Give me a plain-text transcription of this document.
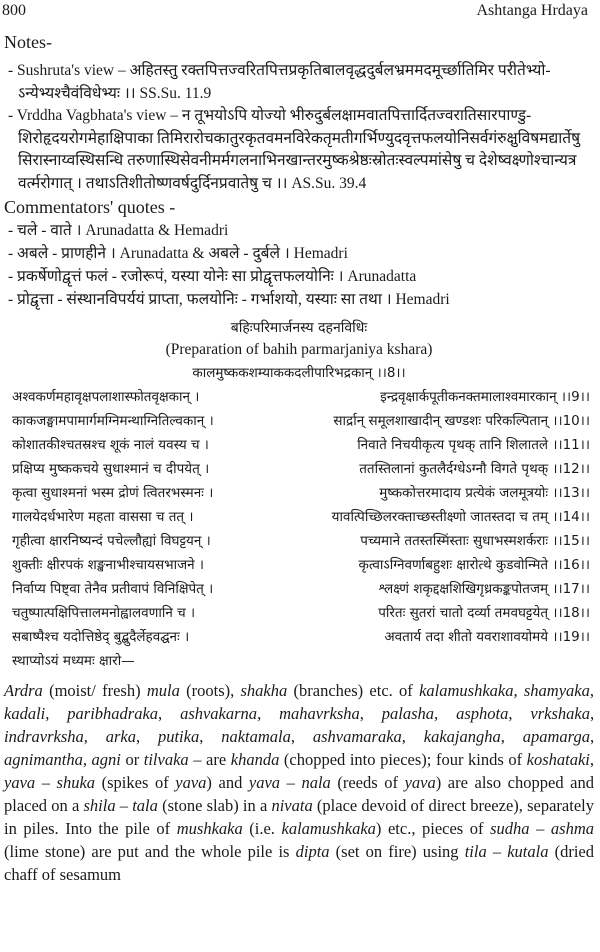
800	Ashtanga Hrdaya

Notes-

- Sushruta's view – अहितस्तु रक्तपित्तज्वरितपित्तप्रकृतिबालवृद्धदुर्बलभ्रममदमूर्च्छातिमिर परीतेभ्यो-ऽन्येभ्यश्चैवंविधेभ्यः ।। SS.Su. 11.9

- Vrddha Vagbhata's view – न तूभयोऽपि योज्यो भीरुदुर्बलक्षामवातपित्तार्दितज्वरातिसारपाण्डु-शिरोहृदयरोगमेहाक्षिपाका तिमिरारोचकातुरकृतवमनविरेकतृमतीगर्भिण्युदवृत्तफलयोनिसर्वगंरुक्षुविषमद्यार्तेषु सिरास्नाय्वस्थिसन्धि तरुणास्थिसेवनीमर्मगलनाभिनखान्तरमुष्कश्रेष्ठःस्रोतःस्वल्पमांसेषु च देशेष्वक्ष्णोश्चान्यत्र वर्त्मरोगात् । तथाऽतिशीतोष्णवर्षदुर्दिनप्रवातेषु च ।। AS.Su. 39.4

Commentators' quotes -

- चले - वाते । Arunadatta & Hemadri

- अबले - प्राणहीने । Arunadatta & अबले - दुर्बले । Hemadri

- प्रकर्षेणोद्वृत्तं फलं - रजोरूपं, यस्या योनेः सा प्रोद्वृत्तफलयोनिः । Arunadatta

- प्रोद्वृत्ता - संस्थानविपर्ययं प्राप्ता, फलयोनिः - गर्भाशयो, यस्याः सा तथा । Hemadri

बहिःपरिमार्जनस्य दहनविधिः
(Preparation of bahih parmarjaniya kshara)
कालमुष्ककशम्याककदलीपारिभद्रकान् ।।8।।
अश्वकर्णमहावृक्षपलाशास्फोतवृक्षकान् ।	इन्द्रवृक्षार्कपूतीकनक्तमालाश्वमारकान् ।।9।।
काकजङ्घामपामार्गमग्निमन्थाग्नितिल्वकान् ।	सार्द्रान् समूलशाखादीन् खण्डशः परिकल्पितान् ।।10।।
कोशातकीश्चतस्रश्च शूकं नालं यवस्य च ।	निवाते निचयीकृत्य पृथक् तानि शिलातले ।।11।।
प्रक्षिप्य मुष्ककचये सुधाश्मानं च दीपयेत् ।	ततस्तिलानां कुतलैर्दग्धेऽग्नौ विगते पृथक् ।।12।।
कृत्वा सुधाश्मनां भस्म द्रोणं त्वितरभस्मनः ।	मुष्ककोत्तरमादाय प्रत्येकं जलमूत्रयोः ।।13।।
गालयेदर्धभारेण महता वाससा च तत् ।	यावत्पिच्छिलरक्ताच्छस्तीक्ष्णो जातस्तदा च तम् ।।14।।
गृहीत्वा क्षारनिष्यन्दं पचेल्लौह्यां विघट्टयन् ।	पच्यमाने ततस्तस्मिंस्ताः सुधाभस्मशर्कराः ।।15।।
शुक्तीः क्षीरपकं शङ्खनाभीश्चायसभाजने ।	कृत्वाऽग्निवर्णाबहुशः क्षारोत्थे कुडवोन्मिते ।।16।।
निर्वाप्य पिष्ट्वा तेनैव प्रतीवापं विनिक्षिपेत् ।	श्लक्ष्णं शकृद्दक्षशिखिगृध्रकङ्कपोतजम् ।।17।।
चतुष्पात्पक्षिपित्तालमनोह्वालवणानि च ।	परितः सुतरां चातो दर्व्या तमवघट्टयेत् ।।18।।
सबाष्पैश्च यदोत्तिष्ठेद् बुद्बुदैर्लेहवद्घनः ।	अवतार्य तदा शीतो यवराशावयोमये ।।19।।
स्थाप्योऽयं मध्यमः क्षारो—
Ardra (moist/ fresh) mula (roots), shakha (branches) etc. of kalamushkaka, shamyaka, kadali, paribhadraka, ashvakarna, mahavrksha, palasha, asphota, vrkshaka, indravrksha, arka, putika, naktamala, ashvamaraka, kakajangha, apamarga, agnimantha, agni or tilvaka – are khanda (chopped into pieces); four kinds of koshataki, yava – shuka (spikes of yava) and yava – nala (reeds of yava) are also chopped and placed on a shila – tala (stone slab) in a nivata (place devoid of direct breeze), separately in piles. Into the pile of mushkaka (i.e. kalamushkaka) etc., pieces of sudha – ashma (lime stone) are put and the whole pile is dipta (set on fire) using tila – kutala (dried chaff of sesamum
